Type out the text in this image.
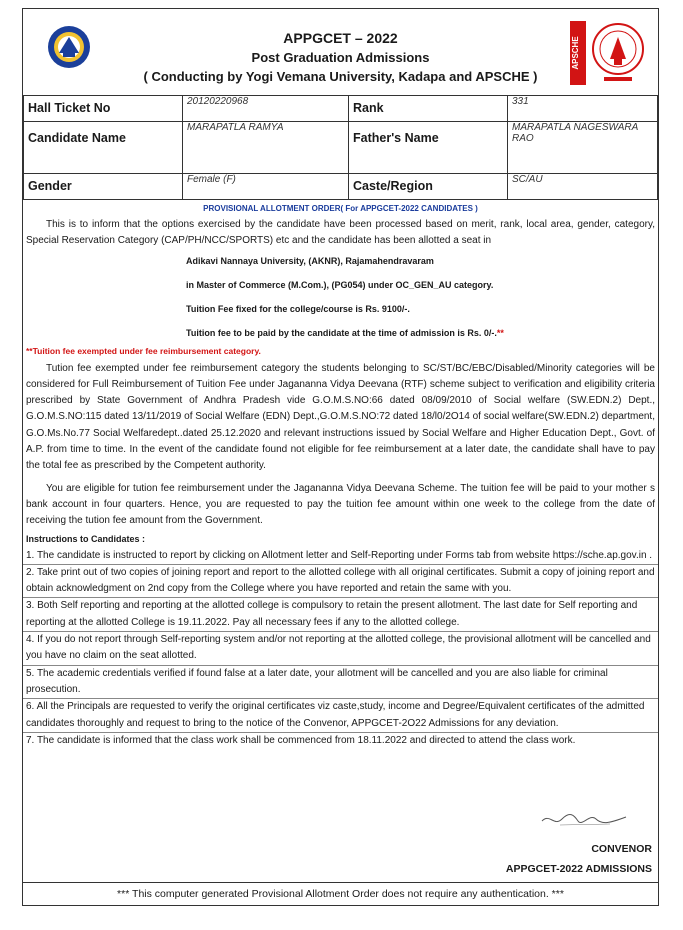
APPGCET – 2022
Post Graduation Admissions
( Conducting by Yogi Vemana University, Kadapa and APSCHE )
APSCHE
Hall Ticket No	20120220968	Rank	331
Candidate Name	MARAPATLA RAMYA	Father's Name	MARAPATLA NAGESWARA
RAO

Gender	Female (F)	Caste/Region	SC/AU
PROVISIONAL ALLOTMENT ORDER( For APPGCET-2022 CANDIDATES )
This is to inform that the options exercised by the candidate have been processed based on merit, rank, local area, gender, category, Special Reservation Category (CAP/PH/NCC/SPORTS) etc and the candidate has been allotted a seat in
Adikavi Nannaya University, (AKNR), Rajamahendravaram
in Master of Commerce (M.Com.), (PG054) under OC_GEN_AU category.
Tuition Fee fixed for the college/course is Rs. 9100/-.
Tuition fee to be paid by the candidate at the time of admission is Rs. 0/-.**
**Tuition fee exempted under fee reimbursement category.
Tution fee exempted under fee reimbursement category the students belonging to SC/ST/BC/EBC/Disabled/Minority categories will be considered for Full Reimbursement of Tuition Fee under Jagananna Vidya Deevana (RTF) scheme subject to verification and eligibility criteria prescribed by State Government of Andhra Pradesh vide G.O.M.S.NO:66 dated 08/09/2010 of Social welfare (SW.EDN.2) Dept., G.O.M.S.NO:115 dated 13/11/2019 of Social Welfare (EDN) Dept.,G.O.M.S.NO:72 dated 18/l0/2O14 of social welfare(SW.EDN.2) department, G.O.Ms.No.77 Social Welfaredept..dated 25.12.2020 and relevant instructions issued by Social Welfare and Higher Education Dept., Govt. of A.P. from time to time. In the event of the candidate found not eligible for fee reimbursement at a later date, the candidate shall have to pay the total fee as prescribed by the Competent authority.
You are eligible for tution fee reimbursement under the Jagananna Vidya Deevana Scheme. The tuition fee will be paid to your mother s bank account in four quarters. Hence, you are requested to pay the tuition fee amount within one week to the college from the date of receiving the tution fee amount from the Government.
Instructions to Candidates :
1. The candidate is instructed to report by clicking on Allotment letter and Self-Reporting under Forms tab from website https://sche.ap.gov.in .
2. Take print out of two copies of joining report and report to the allotted college with all original certificates. Submit a copy of joining report and obtain acknowledgment on 2nd copy from the College where you have reported and retain the same with you.
3. Both Self reporting and reporting at the allotted college is compulsory to retain the present allotment. The last date for Self reporting and reporting at the allotted College is 19.11.2022. Pay all necessary fees if any to the allotted college.
4. If you do not report through Self-reporting system and/or not reporting at the allotted college, the provisional allotment will be cancelled and you have no claim on the seat allotted.
5. The academic credentials verified if found false at a later date, your allotment will be cancelled and you are also liable for criminal prosecution.
6. All the Principals are requested to verify the original certificates viz caste,study, income and Degree/Equivalent certificates of the admitted candidates thoroughly and request to bring to the notice of the Convenor, APPGCET-2O22 Admissions for any deviation.
7. The candidate is informed that the class work shall be commenced from 18.11.2022 and directed to attend the class work.
CONVENOR
APPGCET-2022 ADMISSIONS
*** This computer generated Provisional Allotment Order does not require any authentication. ***
